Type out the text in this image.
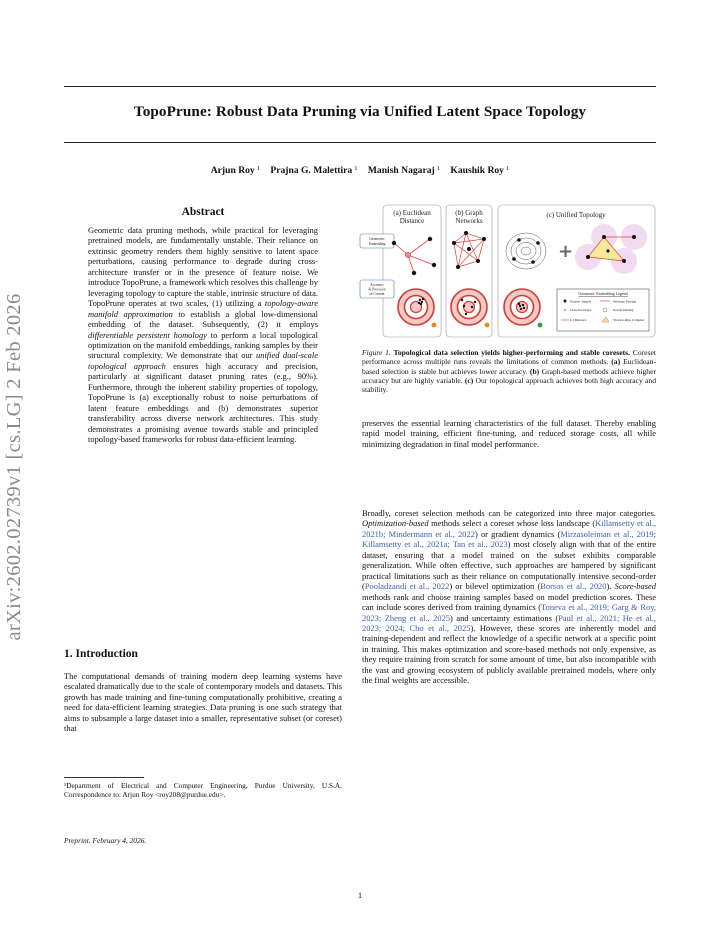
TopoPrune: Robust Data Pruning via Unified Latent Space Topology
Arjun Roy $^1$ Prajna G. Malettira $^1$ Manish Nagaraj $^1$ Kaushik Roy $^1$
arXiv:2602.02739v1 [cs.LG] 2 Feb 2026
Abstract
Geometric data pruning methods, while practical for leveraging pretrained models, are fundamentally unstable. Their reliance on extrinsic geometry renders them highly sensitive to latent space perturbations, causing performance to degrade during cross-architecture transfer or in the presence of feature noise. We introduce TopoPrune, a framework which resolves this challenge by leveraging topology to capture the stable, intrinsic structure of data. TopoPrune operates at two scales, (1) utilizing a topology-aware manifold approximation to establish a global low-dimensional embedding of the dataset. Subsequently, (2) it employs differentiable persistent homology to perform a local topological optimization on the manifold embeddings, ranking samples by their structural complexity. We demonstrate that our unified dual-scale topological approach ensures high accuracy and precision, particularly at significant dataset pruning rates (e.g., 90%). Furthermore, through the inherent stability properties of topology, TopoPrune is (a) exceptionally robust to noise perturbations of latent feature embeddings and (b) demonstrates superior transferability across diverse network architectures. This study demonstrates a promising avenue towards stable and principled topology-based frameworks for robust data-efficient learning.
1. Introduction

The computational demands of training modern deep learning systems have escalated dramatically due to the scale of contemporary models and datasets. This growth has made training and fine-tuning computationally prohibitive, creating a need for data-efficient learning strategies. Data pruning is one such strategy that aims to subsample a large dataset into a smaller, representative subset (or coreset) that

¹Department of Electrical and Computer Engineering, Purdue University, U.S.A. Correspondence to: Arjun Roy <roy208@purdue.edu>.
Preprint. February 4, 2026.
(a) Euclidean
Distance
(b) Graph
Networks
(c) Unified Topology
Geometric
Embedding
Accuracy
& Precision
of Coreset
+
Geometric Embedding Legend
Dataset Sample	Message Passing
Class Prototype	Kernel Density
L2 Distance	Vietoris-Rips Complex
Figure 1. Topological data selection yields higher-performing and stable coresets. Coreset performance across multiple runs reveals the limitations of common methods. (a) Euclidean-based selection is stable but achieves lower accuracy. (b) Graph-based methods achieve higher accuracy but are highly variable. (c) Our topological approach achieves both high accuracy and stability.

preserves the essential learning characteristics of the full dataset. Thereby enabling rapid model training, efficient fine-tuning, and reduced storage costs, all while minimizing degradation in final model performance.

Broadly, coreset selection methods can be categorized into three major categories. Optimization-based methods select a coreset whose loss landscape (Killamsetty et al., 2021b; Mindermann et al., 2022) or gradient dynamics (Mirzasoleiman et al., 2019; Killamsetty et al., 2021a; Tan et al., 2023) most closely align with that of the entire dataset, ensuring that a model trained on the subset exhibits comparable generalization. While often effective, such approaches are hampered by significant practical limitations such as their reliance on computationally intensive second-order (Pooladzandi et al., 2022) or bilevel optimization (Borsos et al., 2020). Score-based methods rank and choose training samples based on model prediction scores. These can include scores derived from training dynamics (Toneva et al., 2019; Garg & Roy, 2023; Zheng et al., 2025) and uncertainty estimations (Paul et al., 2021; He et al., 2023; 2024; Cho et al., 2025). However, these scores are inherently model and training-dependent and reflect the knowledge of a specific network at a specific point in training. This makes optimization and score-based methods not only expensive, as they require training from scratch for some amount of time, but also incompatible with the vast and growing ecosystem of publicly available pretrained models, where only the final weights are accessible.

1
